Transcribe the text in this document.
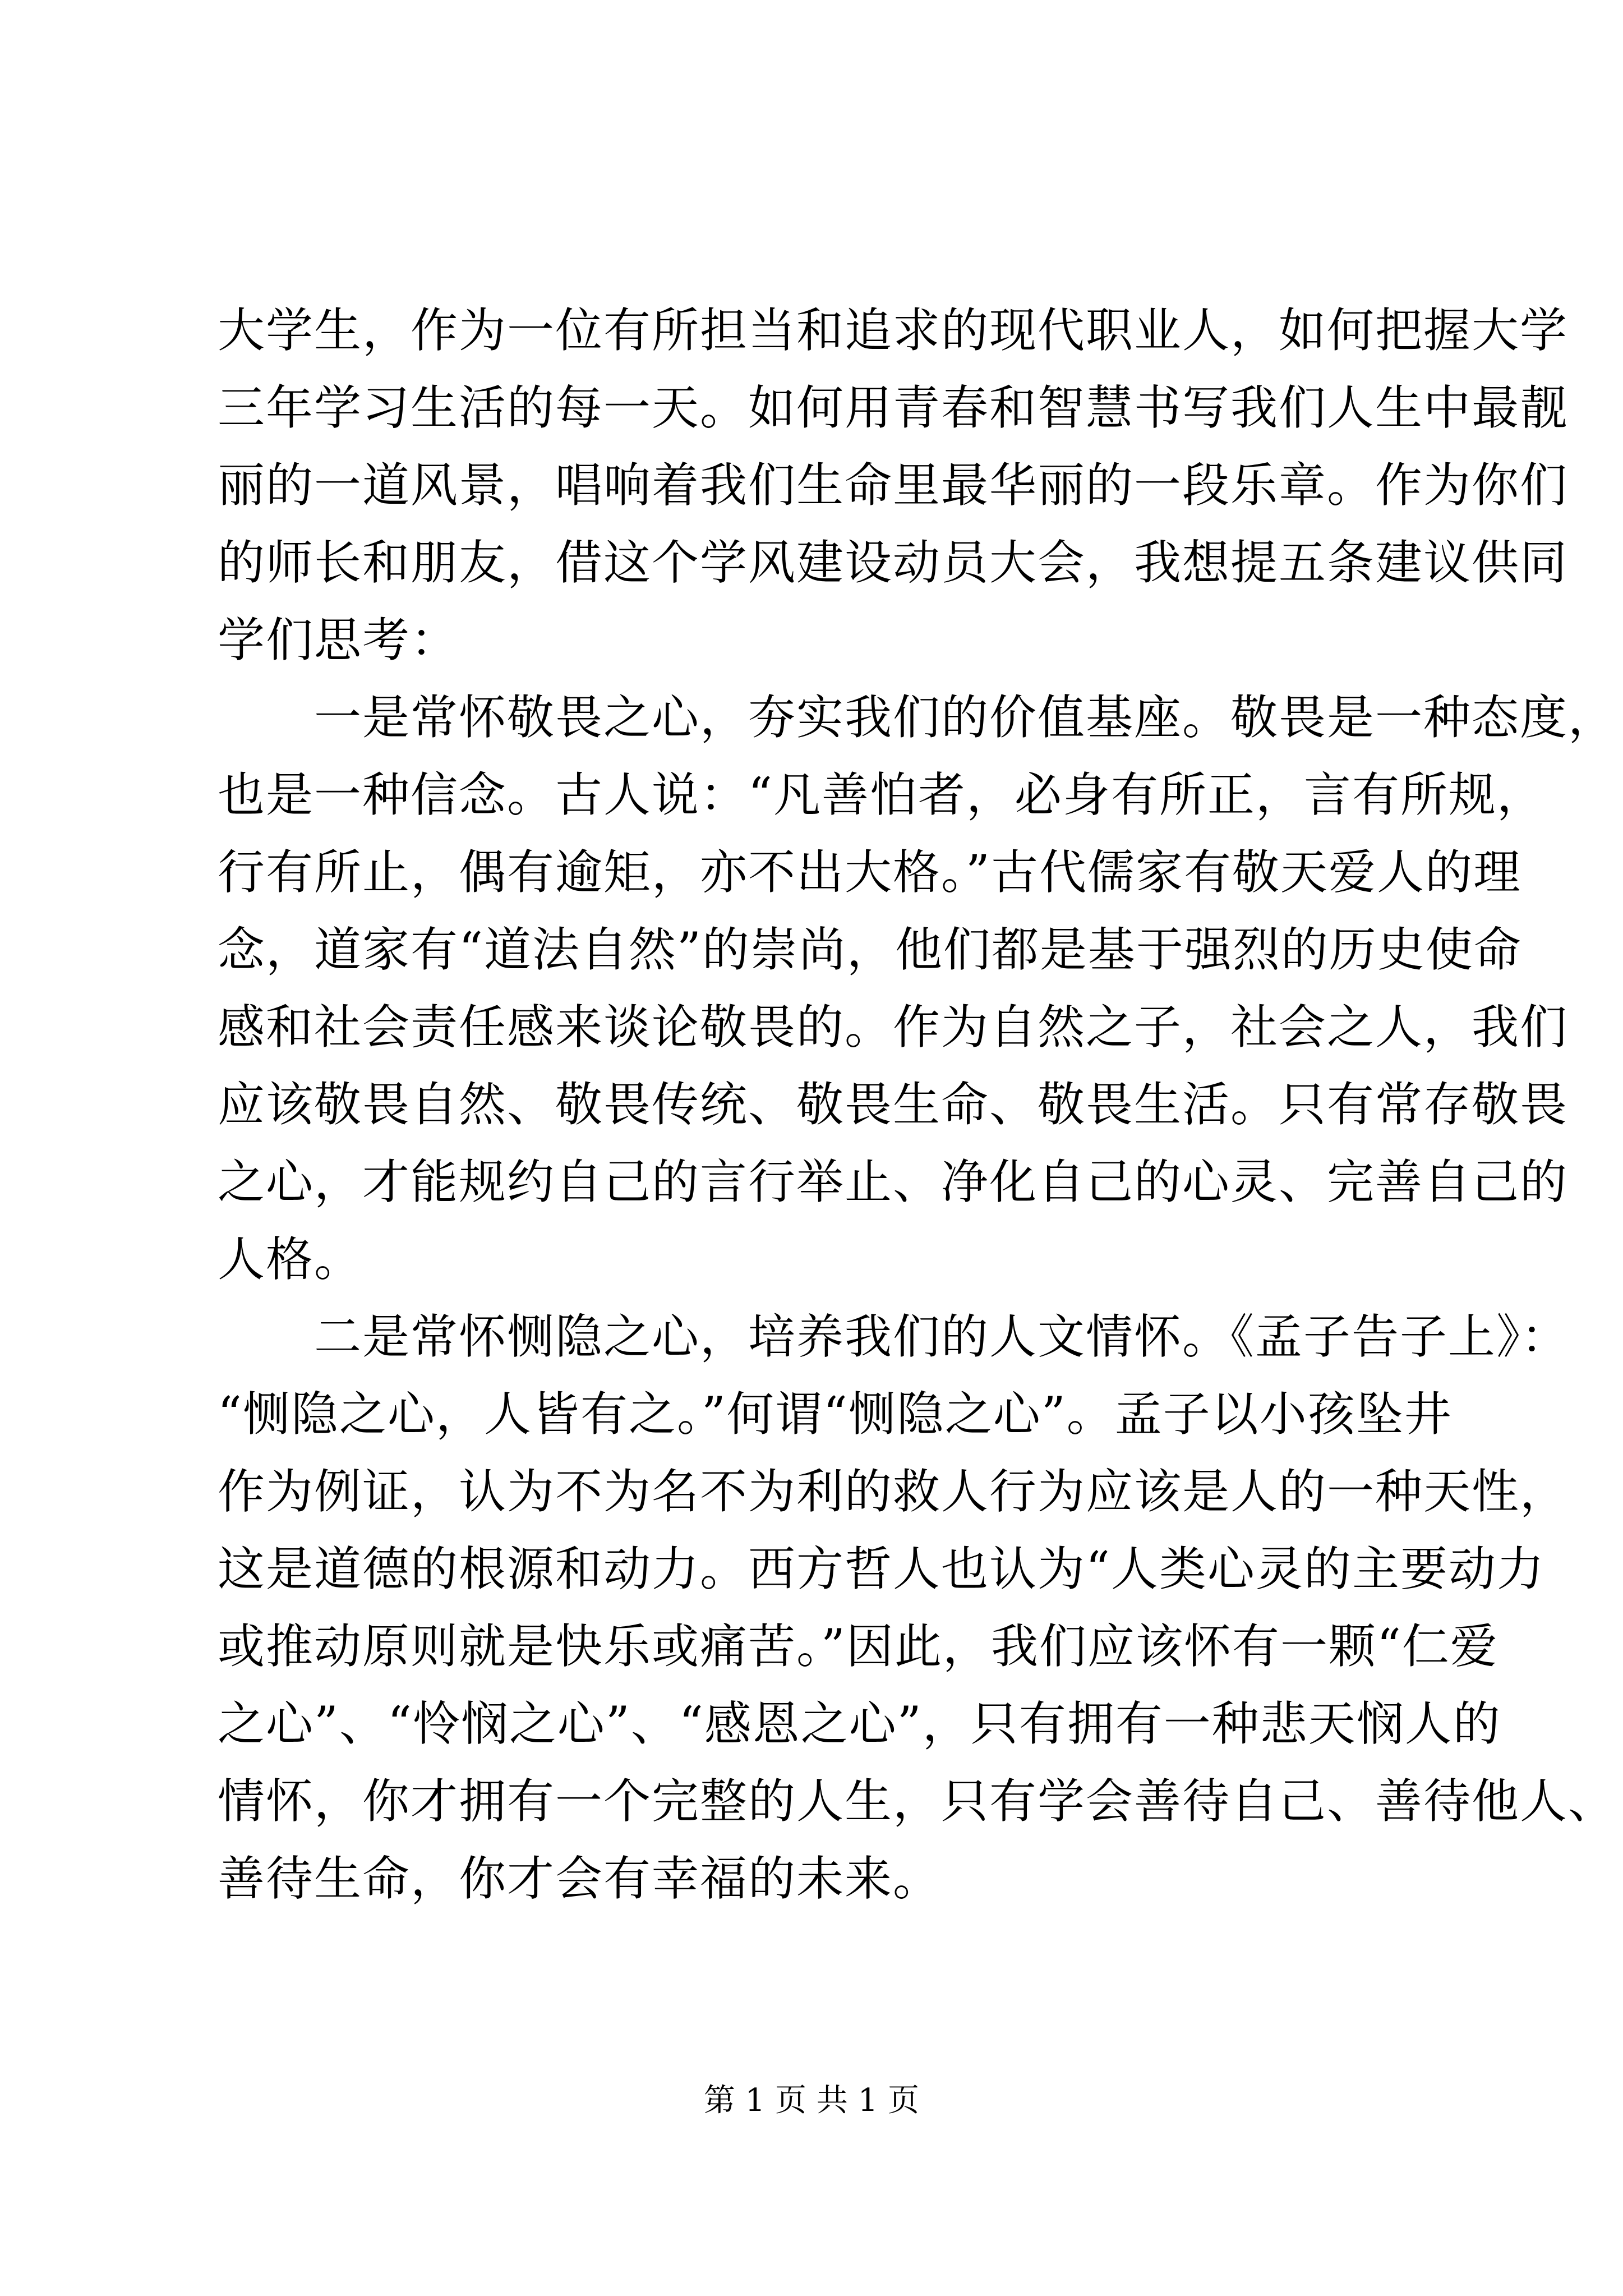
大学生，作为一位有所担当和追求的现代职业人，如何把握大学
三年学习生活的每一天。如何用青春和智慧书写我们人生中最靓
丽的一道风景，唱响着我们生命里最华丽的一段乐章。作为你们
的师长和朋友，借这个学风建设动员大会，我想提五条建议供同
学们思考：
　　一是常怀敬畏之心，夯实我们的价值基座。敬畏是一种态度，
也是一种信念。古人说：“凡善怕者，必身有所正，言有所规，
行有所止，偶有逾矩，亦不出大格。”古代儒家有敬天爱人的理
念，道家有“道法自然”的崇尚，他们都是基于强烈的历史使命
感和社会责任感来谈论敬畏的。作为自然之子，社会之人，我们
应该敬畏自然、敬畏传统、敬畏生命、敬畏生活。只有常存敬畏
之心，才能规约自己的言行举止、净化自己的心灵、完善自己的
人格。
　　二是常怀恻隐之心，培养我们的人文情怀。《孟子告子上》：
“恻隐之心，人皆有之。”何谓“恻隐之心”。孟子以小孩坠井
作为例证，认为不为名不为利的救人行为应该是人的一种天性，
这是道德的根源和动力。西方哲人也认为“人类心灵的主要动力
或推动原则就是快乐或痛苦。”因此，我们应该怀有一颗“仁爱
之心”、“怜悯之心”、“感恩之心”，只有拥有一种悲天悯人的
情怀，你才拥有一个完整的人生，只有学会善待自己、善待他人、
善待生命，你才会有幸福的未来。
第 1 页 共 1 页
